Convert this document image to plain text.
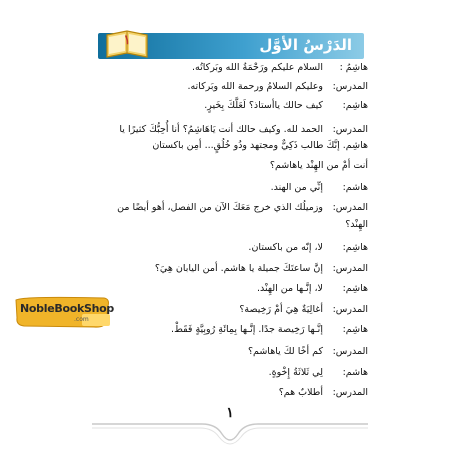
الدَرْسُ الأوَّل
١
هاشِمُ : السلام عليكم ورَحْمَةُ الله وبَركاتُه.
المدرس: وعليكم السلامُ ورحمة الله وبَركاته.
هاشِم: كيف حالك ياأستاذ؟ لَعَلَّكَ بِخَيرٍ.
المدرس: الحمد لله. وكيف حالك أنت يَاهَاشِمُ؟ أنا أُحِبُّكَ كثيرًا يا
هاشِم. إنَّكَ طالب ذَكِيٌّ ومجتهد وذُو خُلُقٍ... أمِن باكستان
أنت أمْ من الهِنْد ياهاشم؟
هاشم: إنِّي من الهند.
المدرس: وزميلُك الذي خرج مَعَكَ الآن من الفصل، أهو أيضًا من
الهِنْد؟
هاشِم: لا، إنّه من باكستان.
المدرس: إنَّ ساعتَكَ جميلة يا هاشم. أمن اليابان هِيَ؟
هاشِم: لا، إنَّـها من الهِنْد.
المدرس: أغالِيَةٌ هِيَ أمْ رَخِيصة؟
هاشِم: إنَّـها رَخِيصة جدًا. إنَّـها بِمِائَةِ رُوبِيَّةٍ فَقَطْ.
المدرس: كم أخًا لكَ ياهاشم؟
هاشم: لِي ثَلاثَةُ إِخْوةٍ.
المدرس: أطلابٌ هم؟
NobleBookShop
.com
١
